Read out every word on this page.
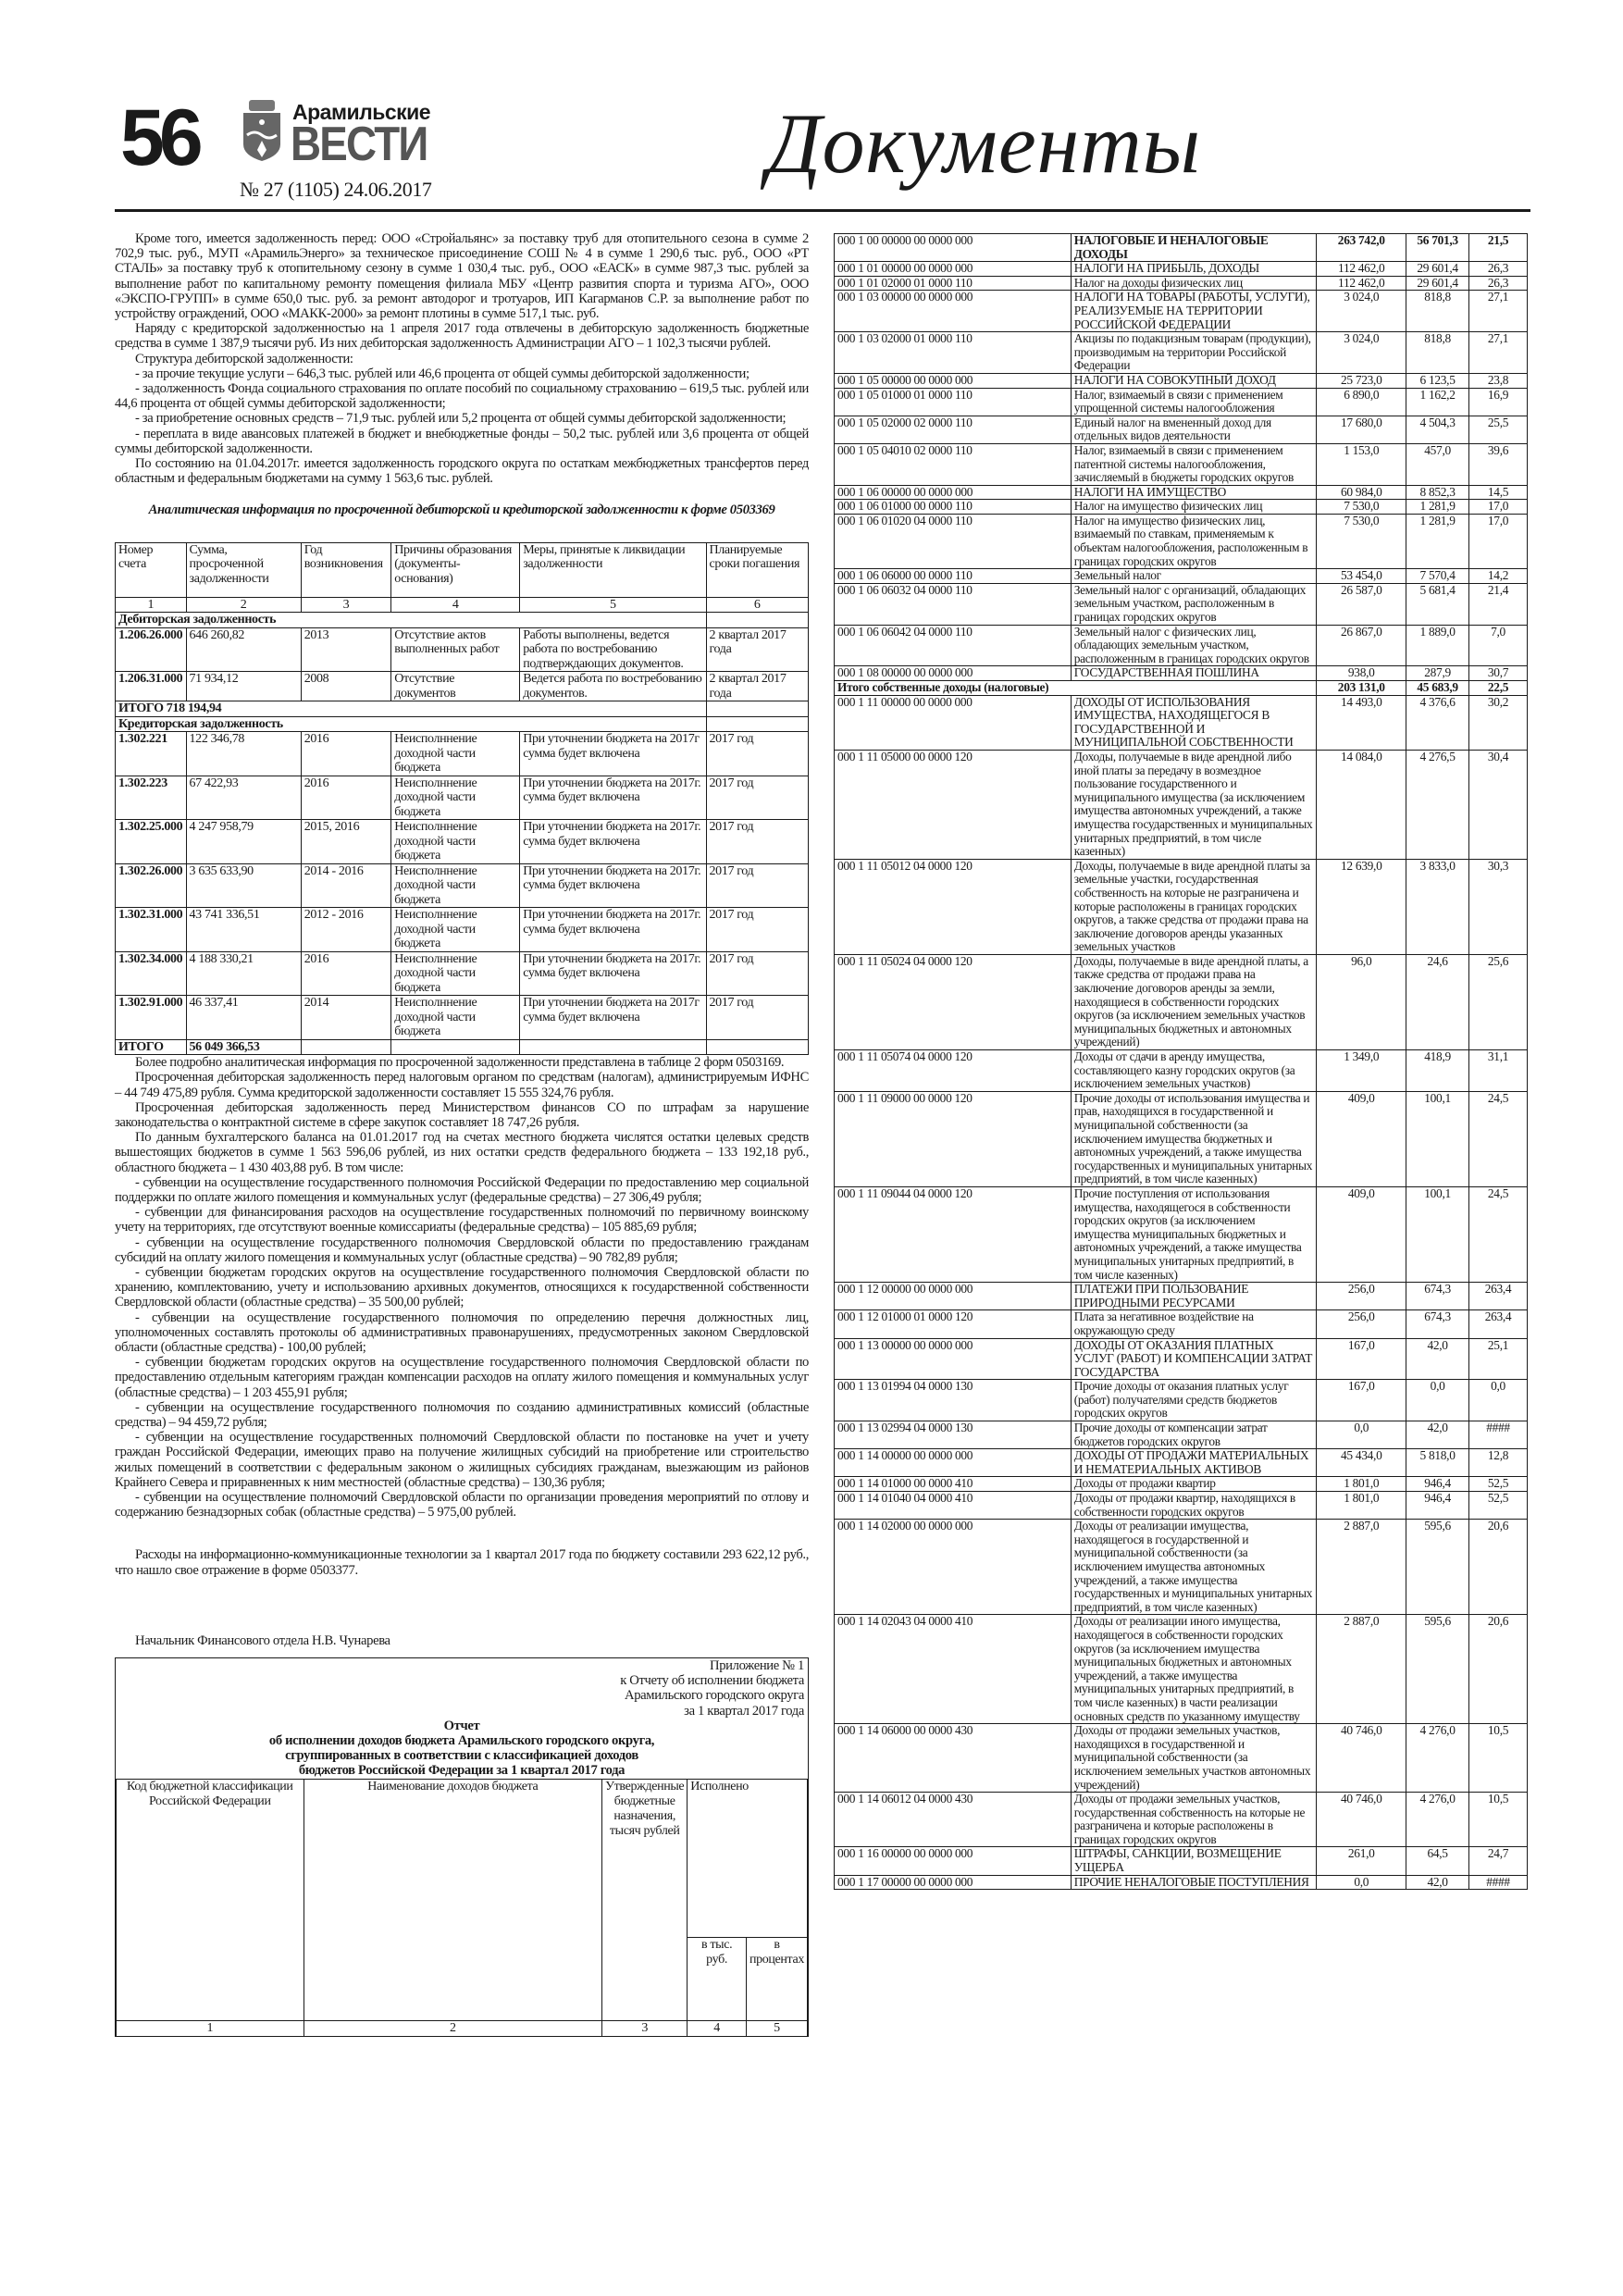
56	Арамильские
ВЕСТИ
№ 27 (1105) 24.06.2017	Документы

Кроме того, имеется задолженность перед: ООО «Стройальянс» за поставку труб для отопительного сезона в сумме 2 702,9 тыс. руб., МУП «АрамильЭнерго» за техническое присоединение СОШ № 4 в сумме 1 290,6 тыс. руб., ООО «РТ СТАЛЬ» за поставку труб к отопительному сезону в сумме 1 030,4 тыс. руб., ООО «ЕАСК» в сумме 987,3 тыс. рублей за выполнение работ по капитальному ремонту помещения филиала МБУ «Центр развития спорта и туризма АГО», ООО «ЭКСПО-ГРУПП» в сумме 650,0 тыс. руб. за ремонт автодорог и тротуаров, ИП Кагарманов С.Р. за выполнение работ по устройству ограждений, ООО «МАКК-2000» за ремонт плотины в сумме 517,1 тыс. руб.

Наряду с кредиторской задолженностью на 1 апреля 2017 года отвлечены в дебиторскую задолженность бюджетные средства в сумме 1 387,9 тысячи руб. Из них дебиторская задолженность Администрации АГО – 1 102,3 тысячи рублей.

Структура дебиторской задолженности:

- за прочие текущие услуги – 646,3 тыс. рублей или 46,6 процента от общей суммы дебиторской задолженности;

- задолженность Фонда социального страхования по оплате пособий по социальному страхованию – 619,5 тыс. рублей или 44,6 процента от общей суммы дебиторской задолженности;

- за приобретение основных средств – 71,9 тыс. рублей или 5,2 процента от общей суммы дебиторской задолженности;

- переплата в виде авансовых платежей в бюджет и внебюджетные фонды – 50,2 тыс. рублей или 3,6 процента от общей суммы дебиторской задолженности.

По состоянию на 01.04.2017г. имеется задолженность городского округа по остаткам межбюджетных трансфертов перед областным и федеральным бюджетами на сумму 1 563,6 тыс. рублей.

Аналитическая информация по просроченной дебиторской и кредиторской задолженности к форме 0503369
Номер счета	Сумма, просроченной задолженности	Год возникновения	Причины образования (документы-основания)	Меры, принятые к ликвидации задолженности	Планируемые сроки погашения
1	2	3	4	5	6
Дебиторская задолженность					
1.206.26.000	646 260,82	2013	Отсутствие актов выполненных работ	Работы выполнены, ведется работа по востребованию подтверждающих документов.	2 квартал 2017 года
1.206.31.000	71 934,12	2008	Отсутствие документов	Ведется работа по востребованию документов.	2 квартал 2017 года
ИТОГО 718 194,94					
Кредиторская задолженность					
1.302.221	122 346,78	2016	Неисполннение доходной части бюджета	При уточнении бюджета на 2017г сумма будет включена	2017 год
1.302.223	67 422,93	2016	Неисполннение доходной части бюджета	При уточнении бюджета на 2017г. сумма будет включена	2017 год
1.302.25.000	4 247 958,79	2015, 2016	Неисполннение доходной части бюджета	При уточнении бюджета на 2017г. сумма будет включена	2017 год
1.302.26.000	3 635 633,90	2014 - 2016	Неисполннение доходной части бюджета	При уточнении бюджета на 2017г. сумма будет включена	2017 год
1.302.31.000	43 741 336,51	2012 - 2016	Неисполннение доходной части бюджета	При уточнении бюджета на 2017г. сумма будет включена	2017 год
1.302.34.000	4 188 330,21	2016	Неисполннение доходной части бюджета	При уточнении бюджета на 2017г. сумма будет включена	2017 год
1.302.91.000	46 337,41	2014	Неисполннение доходной части бюджета	При уточнении бюджета на 2017г сумма будет включена	2017 год
ИТОГО	56 049 366,53				

Более подробно аналитическая информация по просроченной задолженности представлена в таблице 2 форм 0503169.

Просроченная дебиторская задолженность перед налоговым органом по средствам (налогам), администрируемым ИФНС – 44 749 475,89 рубля. Сумма кредиторской задолженности составляет 15 555 324,76 рубля.

Просроченная дебиторская задолженность перед Министерством финансов СО по штрафам за нарушение законодательства о контрактной системе в сфере закупок составляет 18 747,26 рубля.

По данным бухгалтерского баланса на 01.01.2017 год на счетах местного бюджета числятся остатки целевых средств вышестоящих бюджетов в сумме 1 563 596,06 рублей, из них остатки средств федерального бюджета – 133 192,18 руб., областного бюджета – 1 430 403,88 руб. В том числе:

- субвенции на осуществление государственного полномочия Российской Федерации по предоставлению мер социальной поддержки по оплате жилого помещения и коммунальных услуг (федеральные средства) – 27 306,49 рубля;

- субвенции для финансирования расходов на осуществление государственных полномочий по первичному воинскому учету на территориях, где отсутствуют военные комиссариаты (федеральные средства) – 105 885,69 рубля;

- субвенции на осуществление государственного полномочия Свердловской области по предоставлению гражданам субсидий на оплату жилого помещения и коммунальных услуг (областные средства) – 90 782,89 рубля;

- субвенции бюджетам городских округов на осуществление государственного полномочия Свердловской области по хранению, комплектованию, учету и использованию архивных документов, относящихся к государственной собственности Свердловской области (областные средства) – 35 500,00 рублей;

- субвенции на осуществление государственного полномочия по определению перечня должностных лиц, уполномоченных составлять протоколы об административных правонарушениях, предусмотренных законом Свердловской области (областные средства) - 100,00 рублей;

- субвенции бюджетам городских округов на осуществление государственного полномочия Свердловской области по предоставлению отдельным категориям граждан компенсации расходов на оплату жилого помещения и коммунальных услуг (областные средства) – 1 203 455,91 рубля;

- субвенции на осуществление государственного полномочия по созданию административных комиссий (областные средства) – 94 459,72 рубля;

- субвенции на осуществление государственных полномочий Свердловской области по постановке на учет и учету граждан Российской Федерации, имеющих право на получение жилищных субсидий на приобретение или строительство жилых помещений в соответствии с федеральным законом о жилищных субсидиях гражданам, выезжающим из районов Крайнего Севера и приравненных к ним местностей (областные средства) – 130,36 рубля;

- субвенции на осуществление полномочий Свердловской области по организации проведения мероприятий по отлову и содержанию безнадзорных собак (областные средства) – 5 975,00 рублей.

Расходы на информационно-коммуникационные технологии за 1 квартал 2017 года по бюджету составили 293 622,12 руб., что нашло свое отражение в форме 0503377.

Начальник Финансового отдела Н.В. Чунарева

Приложение № 1
к Отчету об исполнении бюджета
Арамильского городского округа
за 1 квартал 2017 года
Отчет
об исполнении доходов бюджета Арамильского городского округа,
сгруппированных в соответствии с классификацией доходов
бюджетов Российской Федерации за 1 квартал 2017 года
Код бюджетной классификации Российской Федерации	Наименование доходов бюджета	Утвержденные бюджетные назначения, тысяч рублей	Исполнено	
			в тыс. руб.	в процентах
1	2	3	4	5
000 1 00 00000 00 0000 000	НАЛОГОВЫЕ И НЕНАЛОГОВЫЕ ДОХОДЫ	263 742,0	56 701,3	21,5
000 1 01 00000 00 0000 000	НАЛОГИ НА ПРИБЫЛЬ, ДОХОДЫ	112 462,0	29 601,4	26,3
000 1 01 02000 01 0000 110	Налог на доходы физических лиц	112 462,0	29 601,4	26,3
000 1 03 00000 00 0000 000	НАЛОГИ НА ТОВАРЫ (РАБОТЫ, УСЛУГИ), РЕАЛИЗУЕМЫЕ НА ТЕРРИТОРИИ РОССИЙСКОЙ ФЕДЕРАЦИИ	3 024,0	818,8	27,1
000 1 03 02000 01 0000 110	Акцизы по подакцизным товарам (продукции), производимым на территории Российской Федерации	3 024,0	818,8	27,1
000 1 05 00000 00 0000 000	НАЛОГИ НА СОВОКУПНЫЙ ДОХОД	25 723,0	6 123,5	23,8
000 1 05 01000 01 0000 110	Налог, взимаемый в связи с применением упрощенной системы налогообложения	6 890,0	1 162,2	16,9
000 1 05 02000 02 0000 110	Единый налог на вмененный доход для отдельных видов деятельности	17 680,0	4 504,3	25,5
000 1 05 04010 02 0000 110	Налог, взимаемый в связи с применением патентной системы налогообложения, зачисляемый в бюджеты городских округов	1 153,0	457,0	39,6
000 1 06 00000 00 0000 000	НАЛОГИ НА ИМУЩЕСТВО	60 984,0	8 852,3	14,5
000 1 06 01000 00 0000 110	Налог на имущество физических лиц	7 530,0	1 281,9	17,0
000 1 06 01020 04 0000 110	Налог на имущество физических лиц, взимаемый по ставкам, применяемым к объектам налогообложения, расположенным в границах городских округов	7 530,0	1 281,9	17,0
000 1 06 06000 00 0000 110	Земельный налог	53 454,0	7 570,4	14,2
000 1 06 06032 04 0000 110	Земельный налог с организаций, обладающих земельным участком, расположенным в границах городских округов	26 587,0	5 681,4	21,4
000 1 06 06042 04 0000 110	Земельный налог с физических лиц, обладающих земельным участком, расположенным в границах городских округов	26 867,0	1 889,0	7,0
000 1 08 00000 00 0000 000	ГОСУДАРСТВЕННАЯ ПОШЛИНА	938,0	287,9	30,7
Итого собственные доходы (налоговые)		203 131,0	45 683,9	22,5
000 1 11 00000 00 0000 000	ДОХОДЫ ОТ ИСПОЛЬЗОВАНИЯ ИМУЩЕСТВА, НАХОДЯЩЕГОСЯ В ГОСУДАРСТВЕННОЙ И МУНИЦИПАЛЬНОЙ СОБСТВЕННОСТИ	14 493,0	4 376,6	30,2
000 1 11 05000 00 0000 120	Доходы, получаемые в виде арендной либо иной платы за передачу в возмездное пользование государственного и муниципального имущества (за исключением имущества автономных учреждений, а также имущества государственных и муниципальных унитарных предприятий, в том числе казенных)	14 084,0	4 276,5	30,4
000 1 11 05012 04 0000 120	Доходы, получаемые в виде арендной платы за земельные участки, государственная собственность на которые не разграничена и которые расположены в границах городских округов, а также средства от продажи права на заключение договоров аренды указанных земельных участков	12 639,0	3 833,0	30,3
000 1 11 05024 04 0000 120	Доходы, получаемые в виде арендной платы, а также средства от продажи права на заключение договоров аренды за земли, находящиеся в собственности городских округов (за исключением земельных участков муниципальных бюджетных и автономных учреждений)	96,0	24,6	25,6
000 1 11 05074 04 0000 120	Доходы от сдачи в аренду имущества, составляющего казну городских округов (за исключением земельных участков)	1 349,0	418,9	31,1
000 1 11 09000 00 0000 120	Прочие доходы от использования имущества и прав, находящихся в государственной и муниципальной собственности (за исключением имущества бюджетных и автономных учреждений, а также имущества государственных и муниципальных унитарных предприятий, в том числе казенных)	409,0	100,1	24,5
000 1 11 09044 04 0000 120	Прочие поступления от использования имущества, находящегося в собственности городских округов (за исключением имущества муниципальных бюджетных и автономных учреждений, а также имущества муниципальных унитарных предприятий, в том числе казенных)	409,0	100,1	24,5
000 1 12 00000 00 0000 000	ПЛАТЕЖИ ПРИ ПОЛЬЗОВАНИЕ ПРИРОДНЫМИ РЕСУРСАМИ	256,0	674,3	263,4
000 1 12 01000 01 0000 120	Плата за негативное воздействие на окружающую среду	256,0	674,3	263,4
000 1 13 00000 00 0000 000	ДОХОДЫ ОТ ОКАЗАНИЯ ПЛАТНЫХ УСЛУГ (РАБОТ) И КОМПЕНСАЦИИ ЗАТРАТ ГОСУДАРСТВА	167,0	42,0	25,1
000 1 13 01994 04 0000 130	Прочие доходы от оказания платных услуг (работ) получателями средств бюджетов городских округов	167,0	0,0	0,0
000 1 13 02994 04 0000 130	Прочие доходы от компенсации затрат бюджетов городских округов	0,0	42,0	####
000 1 14 00000 00 0000 000	ДОХОДЫ ОТ ПРОДАЖИ МАТЕРИАЛЬНЫХ И НЕМАТЕРИАЛЬНЫХ АКТИВОВ	45 434,0	5 818,0	12,8
000 1 14 01000 00 0000 410	Доходы от продажи квартир	1 801,0	946,4	52,5
000 1 14 01040 04 0000 410	Доходы от продажи квартир, находящихся в собственности городских округов	1 801,0	946,4	52,5
000 1 14 02000 00 0000 000	Доходы от реализации имущества, находящегося в государственной и муниципальной собственности (за исключением имущества автономных учреждений, а также имущества государственных и муниципальных унитарных предприятий, в том числе казенных)	2 887,0	595,6	20,6
000 1 14 02043 04 0000 410	Доходы от реализации иного имущества, находящегося в собственности городских округов (за исключением имущества муниципальных бюджетных и автономных учреждений, а также имущества муниципальных унитарных предприятий, в том числе казенных) в части реализации основных средств по указанному имуществу	2 887,0	595,6	20,6
000 1 14 06000 00 0000 430	Доходы от продажи земельных участков, находящихся в государственной и муниципальной собственности (за исключением земельных участков автономных учреждений)	40 746,0	4 276,0	10,5
000 1 14 06012 04 0000 430	Доходы от продажи земельных участков, государственная собственность на которые не разграничена и которые расположены в границах городских округов	40 746,0	4 276,0	10,5
000 1 16 00000 00 0000 000	ШТРАФЫ, САНКЦИИ, ВОЗМЕЩЕНИЕ УЩЕРБА	261,0	64,5	24,7
000 1 17 00000 00 0000 000	ПРОЧИЕ НЕНАЛОГОВЫЕ ПОСТУПЛЕНИЯ	0,0	42,0	####
